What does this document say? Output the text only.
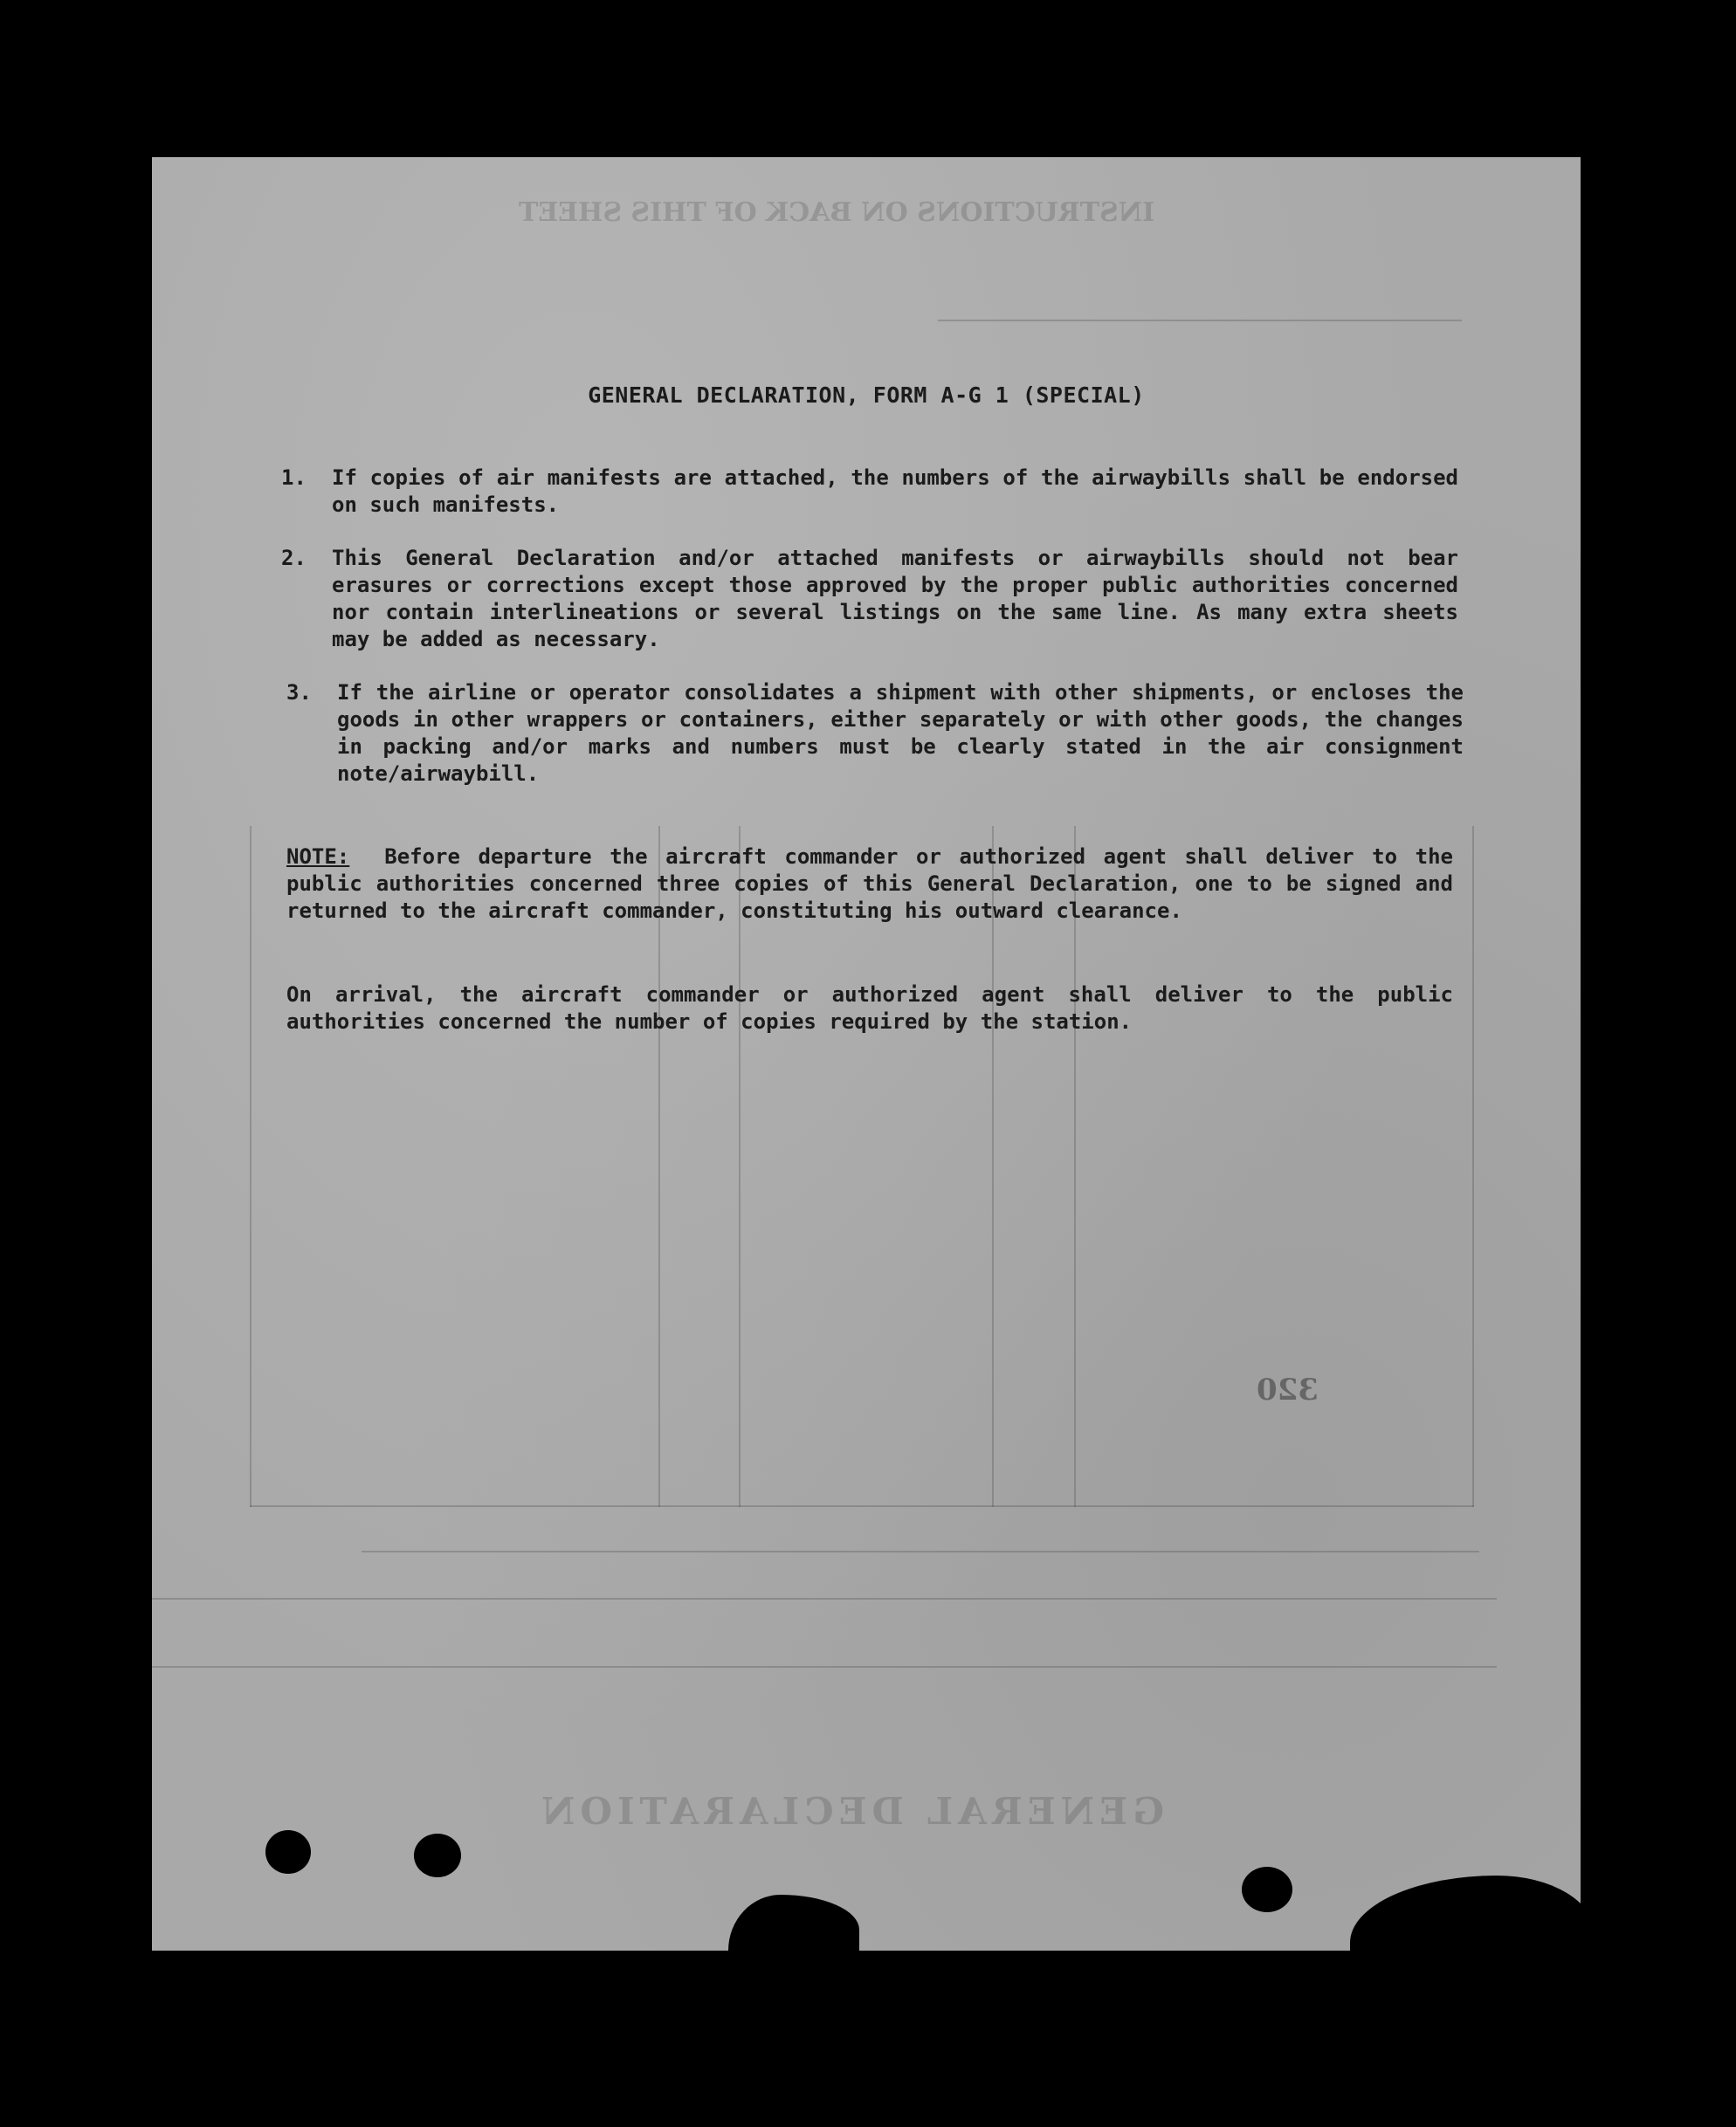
INSTRUCTIONS ON BACK OF THIS SHEET
GENERAL DECLARATION
320
GENERAL DECLARATION, FORM A-G 1 (SPECIAL)
1. If copies of air manifests are attached, the numbers of the airwaybills shall be endorsed on such manifests.
2. This General Declaration and/or attached manifests or airwaybills should not bear erasures or corrections except those approved by the proper public authorities concerned nor contain interlineations or several listings on the same line. As many extra sheets may be added as necessary.
3. If the airline or operator consolidates a shipment with other shipments, or encloses the goods in other wrappers or containers, either separately or with other goods, the changes in packing and/or marks and numbers must be clearly stated in the air consignment note/airwaybill.
NOTE: Before departure the aircraft commander or authorized agent shall deliver to the public authorities concerned three copies of this General Declaration, one to be signed and returned to the aircraft commander, constituting his outward clearance.
On arrival, the aircraft commander or authorized agent shall deliver to the public authorities concerned the number of copies required by the station.
